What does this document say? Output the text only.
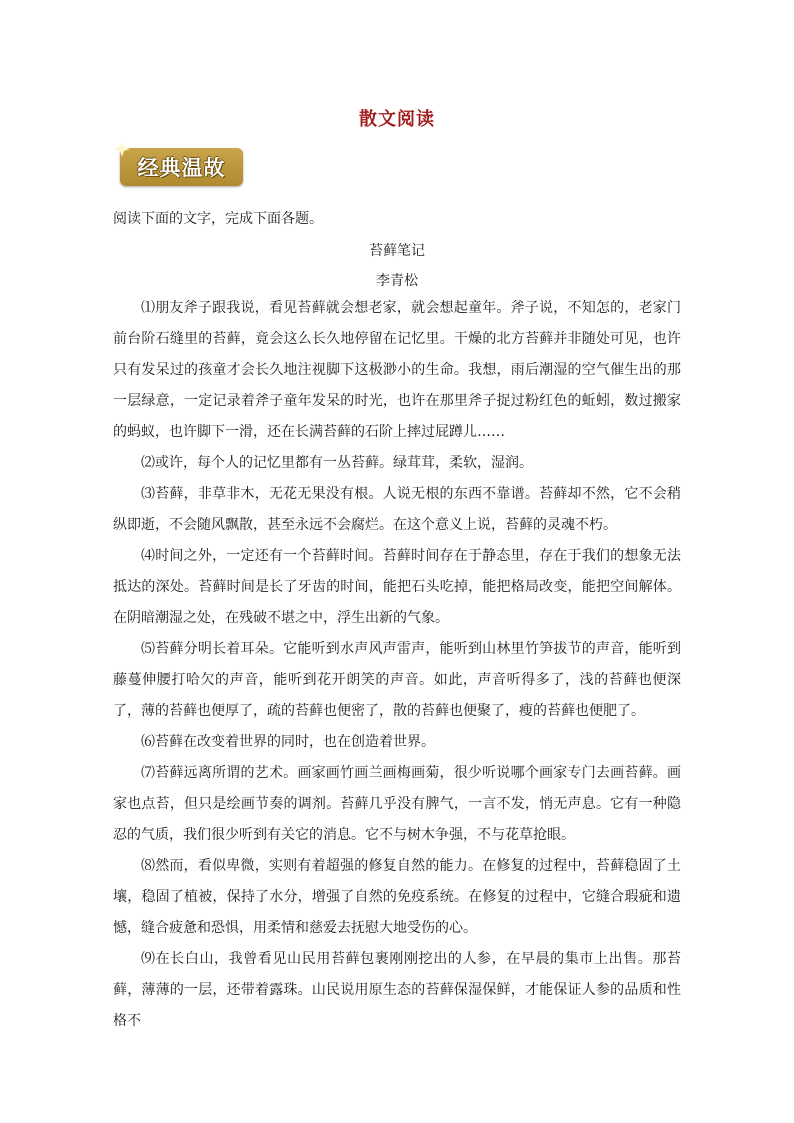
散文阅读
经典温故
阅读下面的文字，完成下面各题。
苔藓笔记
李青松

⑴朋友斧子跟我说，看见苔藓就会想老家，就会想起童年。斧子说，不知怎的，老家门前台阶石缝里的苔藓，竟会这么长久地停留在记忆里。干燥的北方苔藓并非随处可见，也许只有发呆过的孩童才会长久地注视脚下这极渺小的生命。我想，雨后潮湿的空气催生出的那一层绿意，一定记录着斧子童年发呆的时光，也许在那里斧子捉过粉红色的蚯蚓，数过搬家的蚂蚁，也许脚下一滑，还在长满苔藓的石阶上摔过屁蹲儿……

⑵或许，每个人的记忆里都有一丛苔藓。绿茸茸，柔软，湿润。

⑶苔藓，非草非木，无花无果没有根。人说无根的东西不靠谱。苔藓却不然，它不会稍纵即逝，不会随风飘散，甚至永远不会腐烂。在这个意义上说，苔藓的灵魂不朽。

⑷时间之外，一定还有一个苔藓时间。苔藓时间存在于静态里，存在于我们的想象无法抵达的深处。苔藓时间是长了牙齿的时间，能把石头吃掉，能把格局改变，能把空间解体。在阴暗潮湿之处，在残破不堪之中，浮生出新的气象。

⑸苔藓分明长着耳朵。它能听到水声风声雷声，能听到山林里竹笋拔节的声音，能听到藤蔓伸腰打哈欠的声音，能听到花开朗笑的声音。如此，声音听得多了，浅的苔藓也便深了，薄的苔藓也便厚了，疏的苔藓也便密了，散的苔藓也便聚了，瘦的苔藓也便肥了。

⑹苔藓在改变着世界的同时，也在创造着世界。

⑺苔藓远离所谓的艺术。画家画竹画兰画梅画菊，很少听说哪个画家专门去画苔藓。画家也点苔，但只是绘画节奏的调剂。苔藓几乎没有脾气，一言不发，悄无声息。它有一种隐忍的气质，我们很少听到有关它的消息。它不与树木争强，不与花草抢眼。

⑻然而，看似卑微，实则有着超强的修复自然的能力。在修复的过程中，苔藓稳固了土壤，稳固了植被，保持了水分，增强了自然的免疫系统。在修复的过程中，它缝合瑕疵和遗憾，缝合疲惫和恐惧，用柔情和慈爱去抚慰大地受伤的心。

⑼在长白山，我曾看见山民用苔藓包裹刚刚挖出的人参，在早晨的集市上出售。那苔藓，薄薄的一层，还带着露珠。山民说用原生态的苔藓保湿保鲜，才能保证人参的品质和性格不
